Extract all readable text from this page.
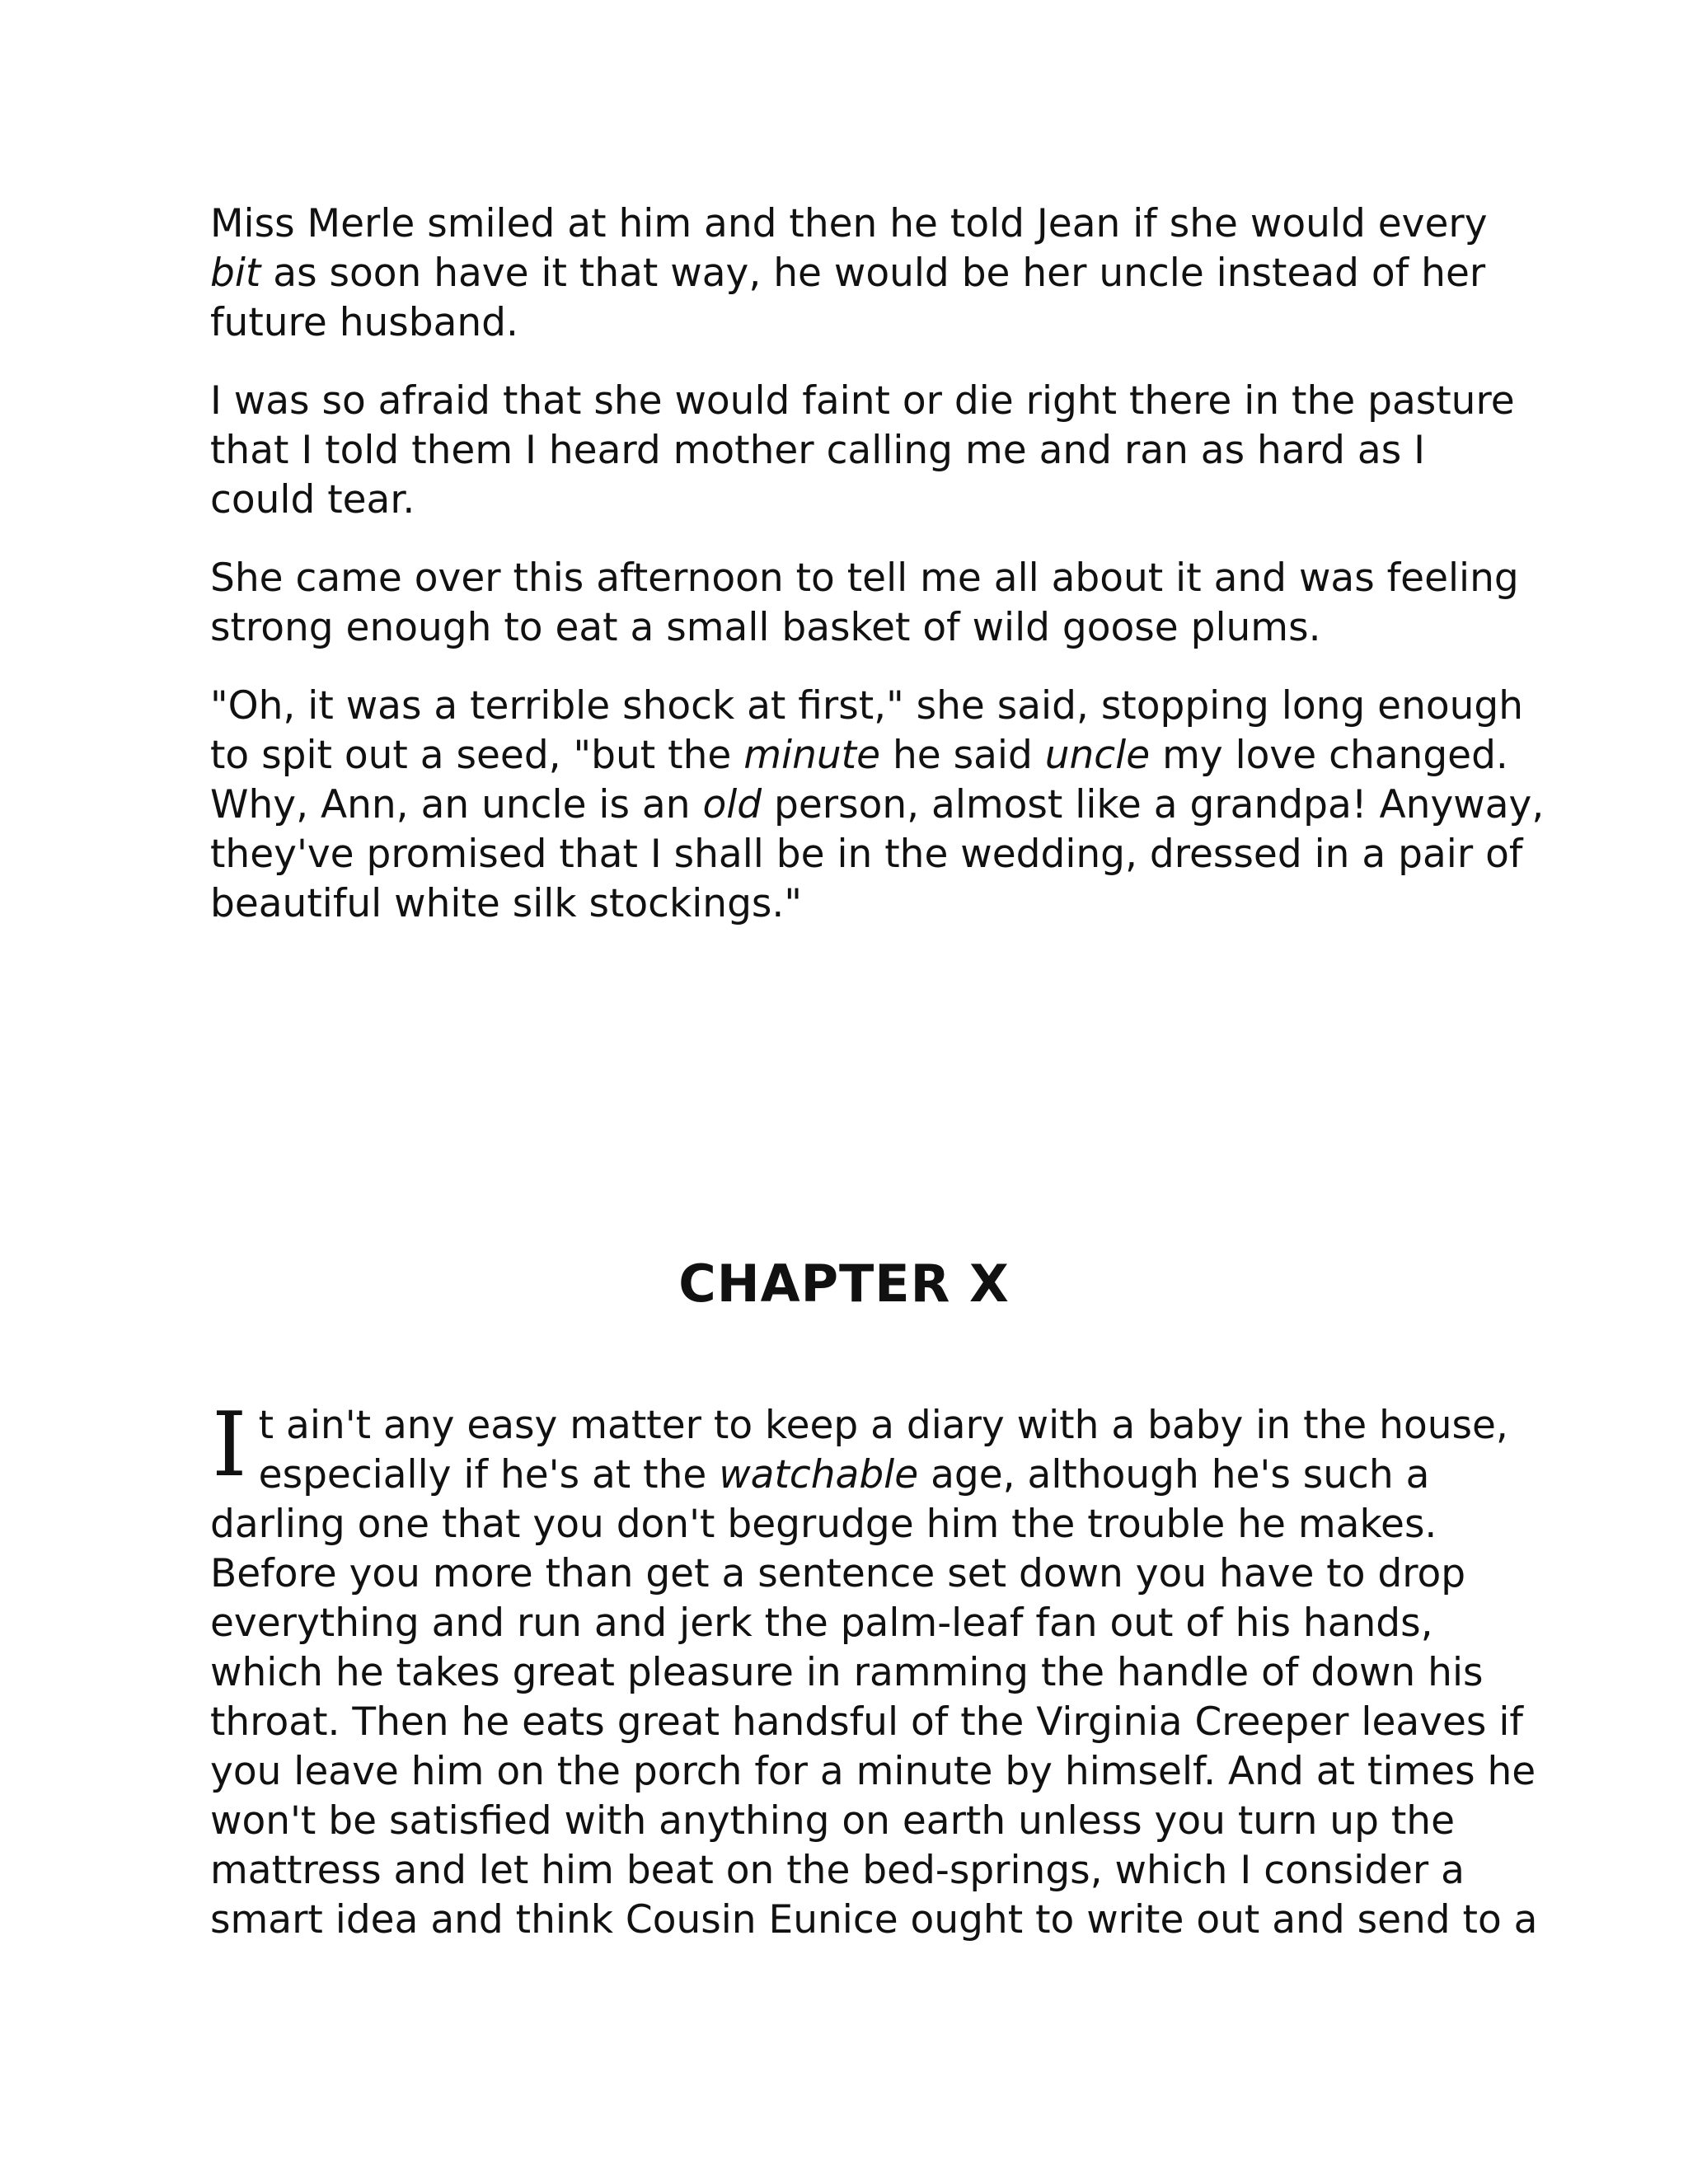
Miss Merle smiled at him and then he told Jean if she would every
bit as soon have it that way, he would be her uncle instead of her
future husband.

I was so afraid that she would faint or die right there in the pasture
that I told them I heard mother calling me and ran as hard as I
could tear.

She came over this afternoon to tell me all about it and was feeling
strong enough to eat a small basket of wild goose plums.

"Oh, it was a terrible shock at first," she said, stopping long enough
to spit out a seed, "but the minute he said uncle my love changed.
Why, Ann, an uncle is an old person, almost like a grandpa! Anyway,
they've promised that I shall be in the wedding, dressed in a pair of
beautiful white silk stockings."

CHAPTER X

I t ain't any easy matter to keep a diary with a baby in the house,
especially if he's at the watchable age, although he's such a
darling one that you don't begrudge him the trouble he makes.
Before you more than get a sentence set down you have to drop
everything and run and jerk the palm-leaf fan out of his hands,
which he takes great pleasure in ramming the handle of down his
throat. Then he eats great handsful of the Virginia Creeper leaves if
you leave him on the porch for a minute by himself. And at times he
won't be satisfied with anything on earth unless you turn up the
mattress and let him beat on the bed-springs, which I consider a
smart idea and think Cousin Eunice ought to write out and send to a
